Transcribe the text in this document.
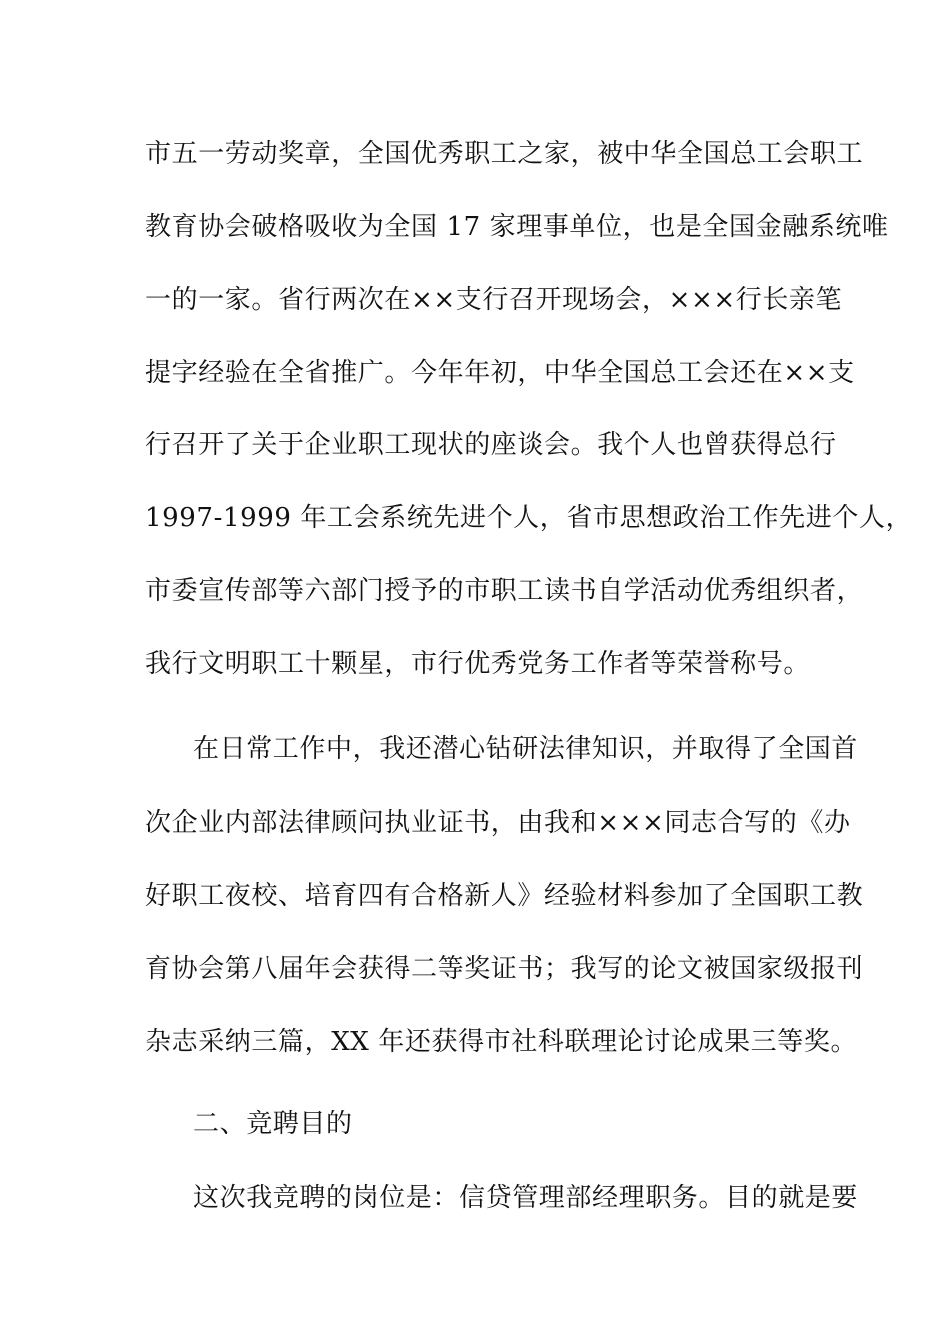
市五一劳动奖章，全国优秀职工之家，被中华全国总工会职工
教育协会破格吸收为全国 17 家理事单位，也是全国金融系统唯
一的一家。省行两次在××支行召开现场会，×××行长亲笔
提字经验在全省推广。今年年初，中华全国总工会还在××支
行召开了关于企业职工现状的座谈会。我个人也曾获得总行
1997-1999 年工会系统先进个人，省市思想政治工作先进个人，
市委宣传部等六部门授予的市职工读书自学活动优秀组织者，
我行文明职工十颗星，市行优秀党务工作者等荣誉称号。
在日常工作中，我还潜心钻研法律知识，并取得了全国首
次企业内部法律顾问执业证书，由我和×××同志合写的《办
好职工夜校、培育四有合格新人》经验材料参加了全国职工教
育协会第八届年会获得二等奖证书；我写的论文被国家级报刊
杂志采纳三篇，XX 年还获得市社科联理论讨论成果三等奖。
二、竞聘目的
这次我竞聘的岗位是：信贷管理部经理职务。目的就是要
